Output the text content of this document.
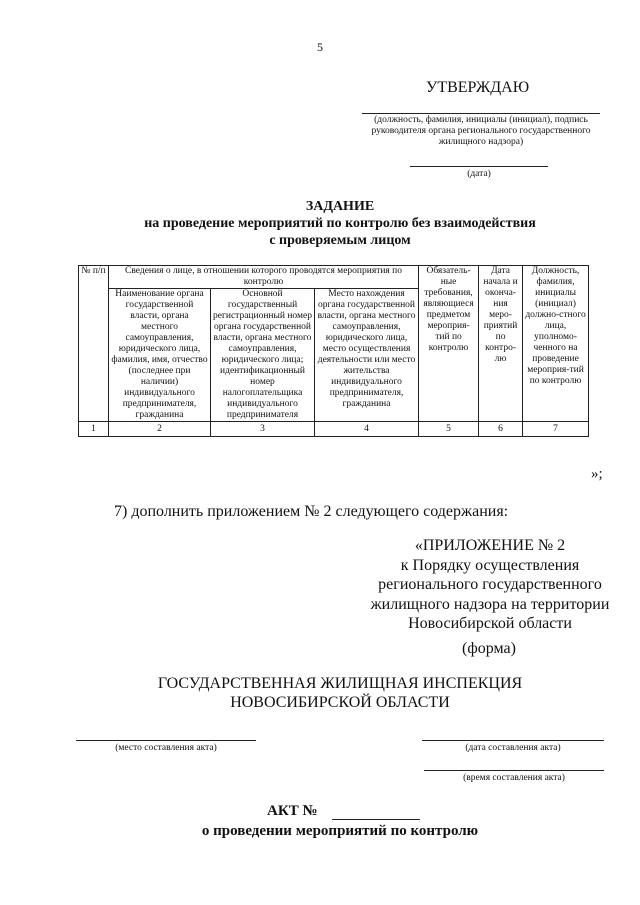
5
УТВЕРЖДАЮ
(должность, фамилия, инициалы (инициал), подпись руководителя органа регионального государственного жилищного надзора)
(дата)
ЗАДАНИЕ
на проведение мероприятий по контролю без взаимодействия
с проверяемым лицом
№ п/п	Сведения о лице, в отношении которого проводятся мероприятия по контролю			Обязатель-ные требования, являющиеся предметом мероприя-тий по контролю	Дата начала и оконча-ния меро-приятий по контро-лю	Должность, фамилия, инициалы (инициал) должно-стного лица, уполномо-ченного на проведение мероприя-тий по контролю
	Наименование органа государственной власти, органа местного самоуправления, юридического лица, фамилия, имя, отчество (последнее при наличии) индивидуального предпринимателя, гражданина	Основной государственный регистрационный номер органа государственной власти, органа местного самоуправления, юридического лица; идентификационный номер налогоплательщика индивидуального предпринимателя	Место нахождения органа государственной власти, органа местного самоуправления, юридического лица, место осуществления деятельности или место жительства индивидуального предпринимателя, гражданина			
1	2	3	4	5	6	7
»;
7) дополнить приложением № 2 следующего содержания:
«ПРИЛОЖЕНИЕ № 2
к Порядку осуществления
регионального государственного
жилищного надзора на территории
Новосибирской области
(форма)
ГОСУДАРСТВЕННАЯ ЖИЛИЩНАЯ ИНСПЕКЦИЯ
НОВОСИБИРСКОЙ ОБЛАСТИ
(место составления акта)	(дата составления акта)
(время составления акта)
АКТ №
о проведении мероприятий по контролю
